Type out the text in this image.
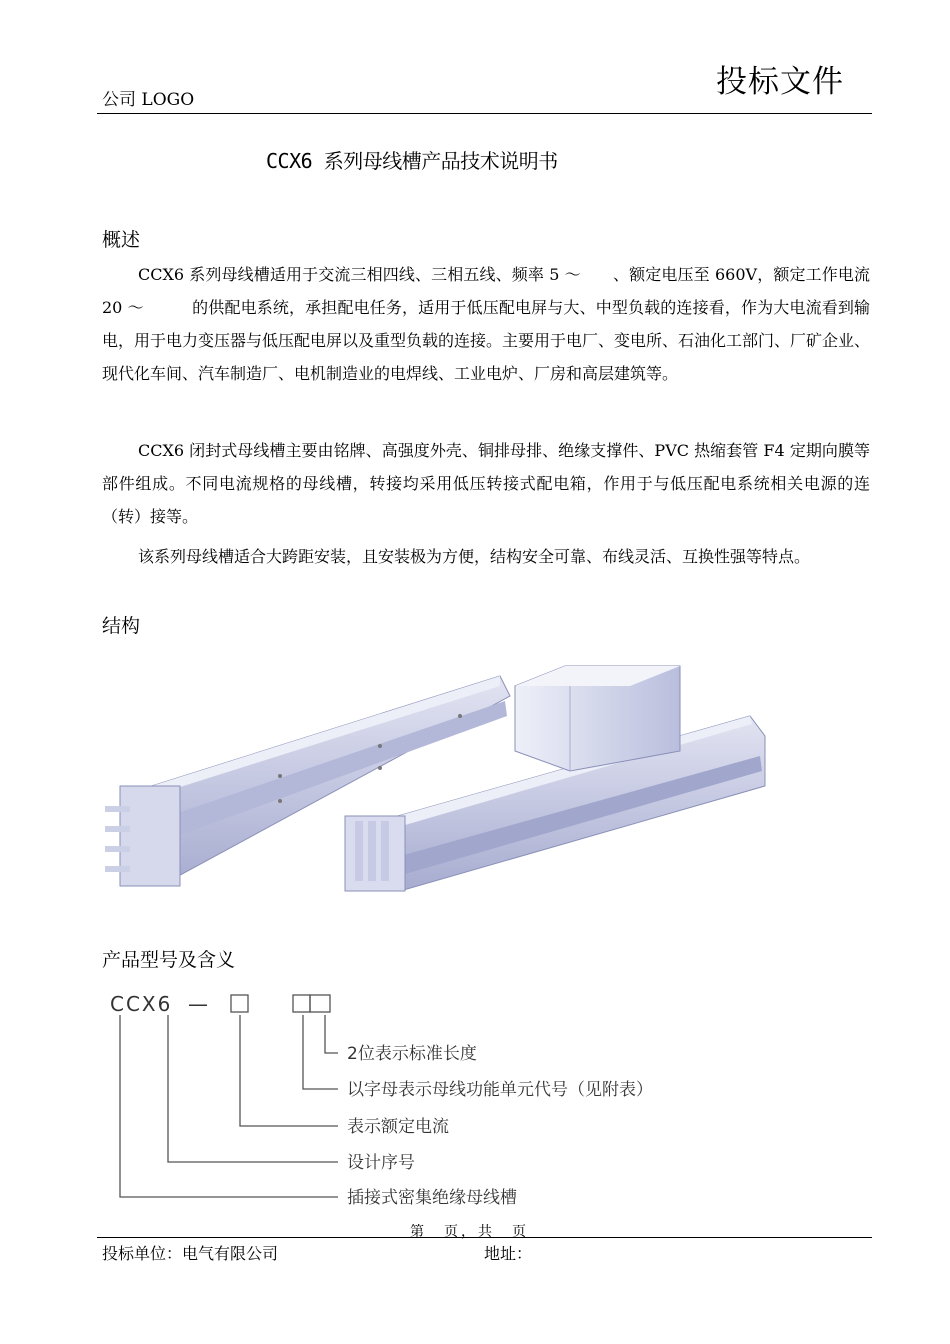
公司 LOGO	投标文件
CCX6 系列母线槽产品技术说明书
概述

CCX6 系列母线槽适用于交流三相四线、三相五线、频率 5 ～　　、额定电压至 660V，额定工作电流 20 ～　　　的供配电系统，承担配电任务，适用于低压配电屏与大、中型负载的连接看，作为大电流看到输电，用于电力变压器与低压配电屏以及重型负载的连接。主要用于电厂、变电所、石油化工部门、厂矿企业、现代化车间、汽车制造厂、电机制造业的电焊线、工业电炉、厂房和高层建筑等。

CCX6 闭封式母线槽主要由铭牌、高强度外壳、铜排母排、绝缘支撑件、PVC 热缩套管 F4 定期向膜等部件组成。不同电流规格的母线槽，转接均采用低压转接式配电箱，作用于与低压配电系统相关电源的连（转）接等。

该系列母线槽适合大跨距安装，且安装极为方便，结构安全可靠、布线灵活、互换性强等特点。

结构
产品型号及含义
CCX6 —
2位表示标准长度
以字母表示母线功能单元代号（见附表）
表示额定电流
设计序号
插接式密集绝缘母线槽
第　页，共　页
投标单位：电气有限公司	地址：
